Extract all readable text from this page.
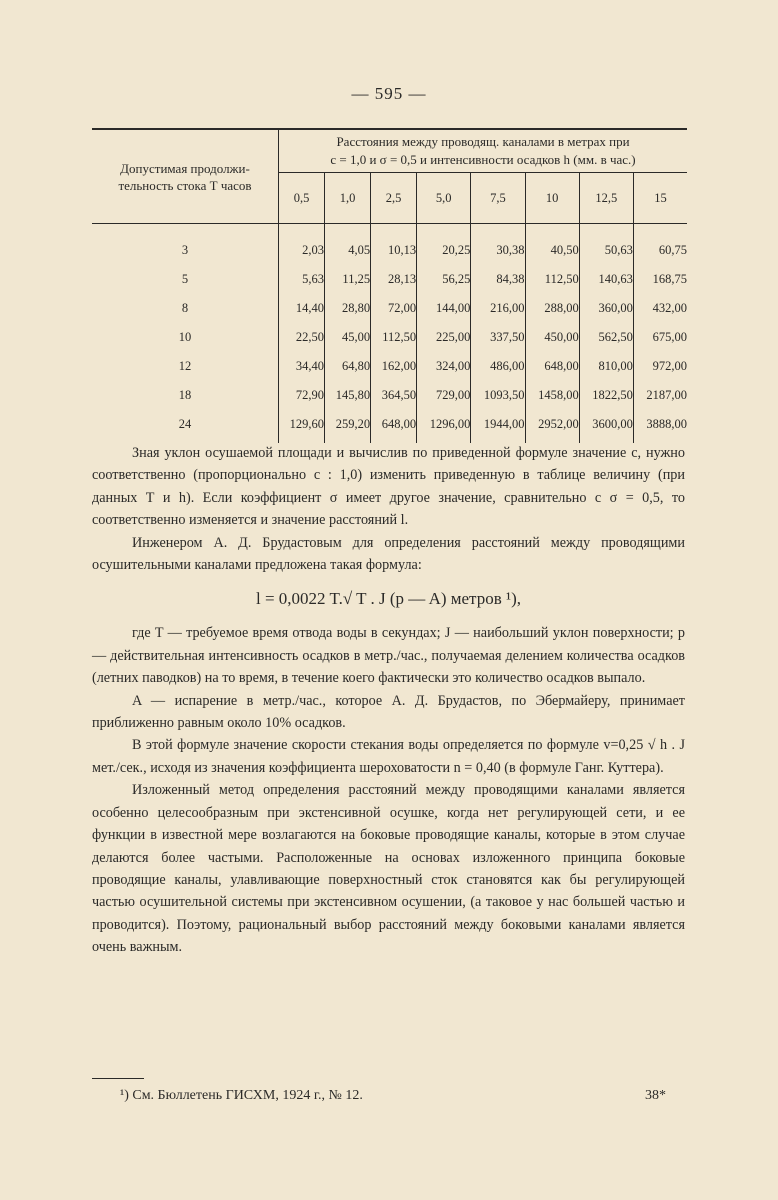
— 595 —
Допустимая продолжи- тельность стока Т часов	Расстояния между проводящ. каналами в метрах при
с = 1,0 и σ = 0,5 и интенсивности осадков h (мм. в час.)							

	0,5	1,0	2,5	5,0	7,5	10	12,5	15

3	2,03	4,05	10,13	20,25	30,38	40,50	50,63	60,75
5	5,63	11,25	28,13	56,25	84,38	112,50	140,63	168,75
8	14,40	28,80	72,00	144,00	216,00	288,00	360,00	432,00
10	22,50	45,00	112,50	225,00	337,50	450,00	562,50	675,00
12	34,40	64,80	162,00	324,00	486,00	648,00	810,00	972,00
18	72,90	145,80	364,50	729,00	1093,50	1458,00	1822,50	2187,00
24	129,60	259,20	648,00	1296,00	1944,00	2952,00	3600,00	3888,00

Зная уклон осушаемой площади и вычислив по приведенной формуле значение с, нужно соответственно (пропорционально с : 1,0) изменить приведенную в таблице величину (при данных Т и h). Если коэффициент σ имеет другое значение, сравнительно с σ = 0,5, то соответственно изменяется и значение расстояний l.

Инженером А. Д. Брудастовым для определения расстояний между проводящими осушительными каналами предложена такая формула:

l = 0,0022 T.√ T . J (p — A) метров ¹),

где T — требуемое время отвода воды в секундах; J — наибольший уклон поверхности; p — действительная интенсивность осадков в метр./час., получаемая делением количества осадков (летних паводков) на то время, в течение коего фактически это количество осадков выпало.

A — испарение в метр./час., которое А. Д. Брудастов, по Эбермайеру, принимает приближенно равным около 10% осадков.

В этой формуле значение скорости стекания воды определяется по формуле v=0,25 √ h . J мет./сек., исходя из значения коэффициента шероховатости n = 0,40 (в формуле Ганг. Куттера).

Изложенный метод определения расстояний между проводящими каналами является особенно целесообразным при экстенсивной осушке, когда нет регулирующей сети, и ее функции в известной мере возлагаются на боковые проводящие каналы, которые в этом случае делаются более частыми. Расположенные на основах изложенного принципа боковые проводящие каналы, улавливающие поверхностный сток становятся как бы регулирующей частью осушительной системы при экстенсивном осушении, (а таковое у нас большей частью и проводится). Поэтому, рациональный выбор расстояний между боковыми каналами является очень важным.

¹) См. Бюллетень ГИСХМ, 1924 г., № 12.	38*
